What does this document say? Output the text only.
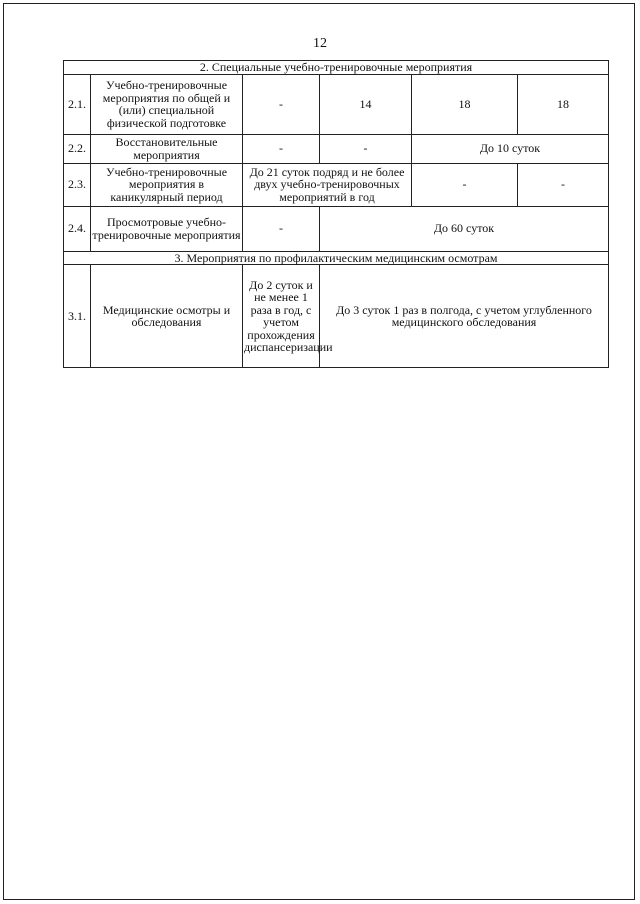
12
2. Специальные учебно-тренировочные мероприятия					
2.1.	Учебно-тренировочные мероприятия по общей и (или) специальной физической подготовке	-	14	18	18
2.2.	Восстановительные мероприятия	-	-	До 10 суток	
2.3.	Учебно-тренировочные мероприятия в каникулярный период	До 21 суток подряд и не более двух учебно-тренировочных мероприятий в год		-	-
2.4.	Просмотровые учебно-тренировочные мероприятия	-	До 60 суток		
3. Мероприятия по профилактическим медицинским осмотрам					
3.1.	Медицинские осмотры и обследования	До 2 суток и не менее 1 раза в год, с учетом прохождения диспансеризации	До 3 суток 1 раз в полгода, с учетом углубленного медицинского обследования		
